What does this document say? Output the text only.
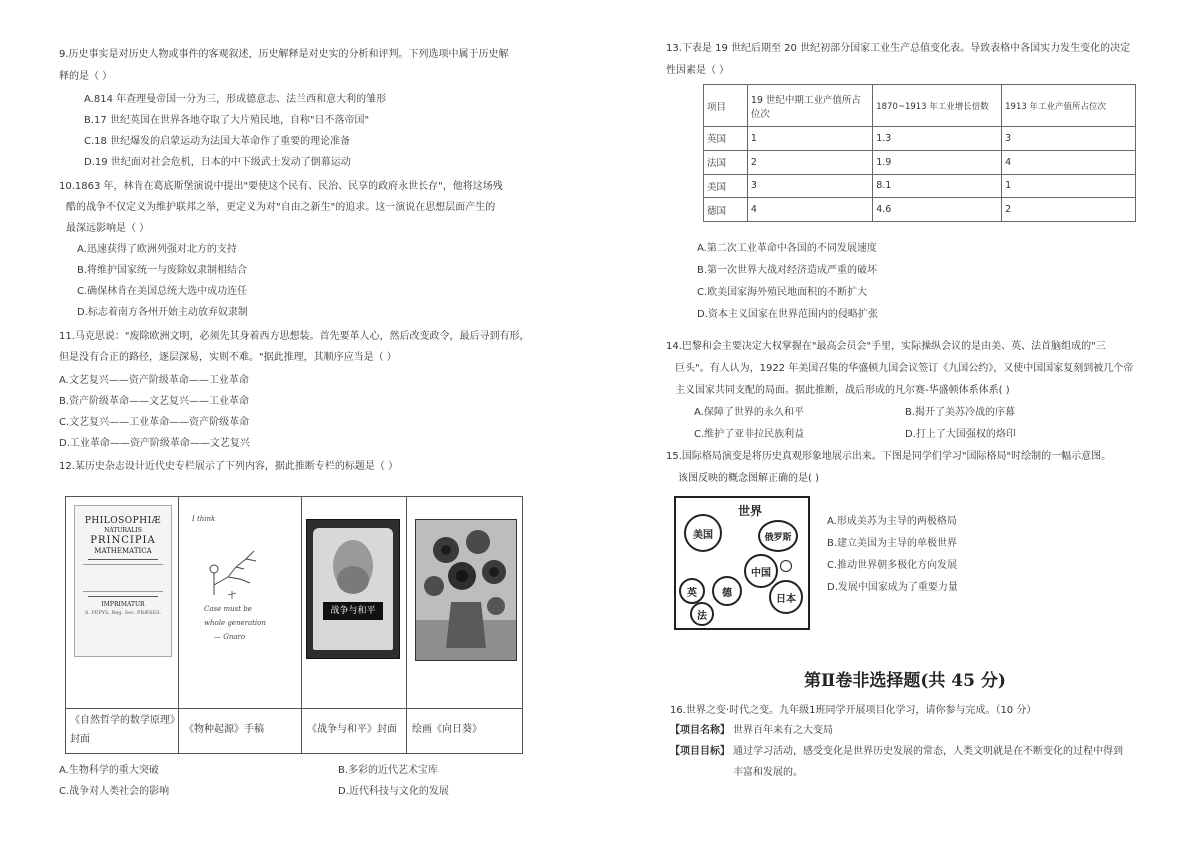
9.历史事实是对历史人物或事件的客观叙述，历史解释是对史实的分析和评判。下列选项中属于历史解
释的是（ ）
A.814 年查理曼帝国一分为三，形成德意志、法兰西和意大利的雏形
B.17 世纪英国在世界各地夺取了大片殖民地，自称"日不落帝国"
C.18 世纪爆发的启蒙运动为法国大革命作了重要的理论准备
D.19 世纪面对社会危机，日本的中下级武士发动了倒幕运动
10.1863 年，林肯在葛底斯堡演说中提出"要使这个民有、民治、民享的政府永世长存"，他将这场残
酷的战争不仅定义为维护联邦之举，更定义为对"自由之新生"的追求。这一演说在思想层面产生的
最深远影响是（ ）
A.迅速获得了欧洲列强对北方的支持
B.将维护国家统一与废除奴隶制相结合
C.确保林肯在美国总统大选中成功连任
D.标志着南方各州开始主动放弃奴隶制
11.马克思说："废除欧洲文明，必须先其身着西方思想装。首先要革人心，然后改变政令，最后寻到有形，
但是没有合正的路径，逐层深易，实则不难。"据此推理，其顺序应当是（ ）
A.文艺复兴——资产阶级革命——工业革命
B.资产阶级革命——文艺复兴——工业革命
C.文艺复兴——工业革命——资产阶级革命
D.工业革命——资产阶级革命——文艺复兴
12.某历史杂志设计近代史专栏展示了下列内容，据此推断专栏的标题是（ ）
PHILOSOPHIÆ
NATURALIS
PRINCIPIA
MATHEMATICA
IMPRIMATUR
S. PEPYS, Reg. Soc. PRÆSES.
I think
Case must be
whole generation
— Gnaro
战争与和平
《自然哲学的数学原理》
封面
《物种起源》手稿	《战争与和平》封面 绘画《向日葵》
A.生物科学的重大突破	B.多彩的近代艺术宝库
C.战争对人类社会的影响	D.近代科技与文化的发展
13.下表是 19 世纪后期至 20 世纪初部分国家工业生产总值变化表。导致表格中各国实力发生变化的决定
性因素是（ ）
项目	19 世纪中期工业产值所占位次	1870~1913 年工业增长倍数	1913 年工业产值所占位次
英国	1	1.3	3
法国	2	1.9	4
美国	3	8.1	1
德国	4	4.6	2
A.第二次工业革命中各国的不同发展速度
B.第一次世界大战对经济造成严重的破坏
C.欧美国家海外殖民地面积的不断扩大
D.资本主义国家在世界范围内的侵略扩张
14.巴黎和会主要决定大权掌握在"最高会员会"手里，实际操纵会议的是由美、英、法首脑组成的"三
巨头"。有人认为，1922 年美国召集的华盛顿九国会议签订《九国公约》，又使中国国家复刻到被几个帝
主义国家共同支配的局面。据此推断，战后形成的凡尔赛-华盛顿体系体系( )
A.保障了世界的永久和平	B.揭开了美苏冷战的序幕
C.维护了亚非拉民族利益	D.打上了大国强权的烙印
15.国际格局演变是将历史真观形象地展示出来。下图是同学们学习"国际格局"时绘制的一幅示意图。
该图反映的概念图解正确的是( )
世界
美国	俄罗斯
中国
日本
英	德
法
A.形成美苏为主导的两极格局
B.建立美国为主导的单极世界
C.推动世界朝多极化方向发展
D.发展中国家成为了重要力量
第Ⅱ卷非选择题(共 45 分)
16.世界之变·时代之变。九年级1班同学开展项目化学习，请你参与完成。（10 分）
【项目名称】 世界百年来有之大变局
【项目目标】 通过学习活动，感受变化是世界历史发展的常态，人类文明就是在不断变化的过程中得到
丰富和发展的。
